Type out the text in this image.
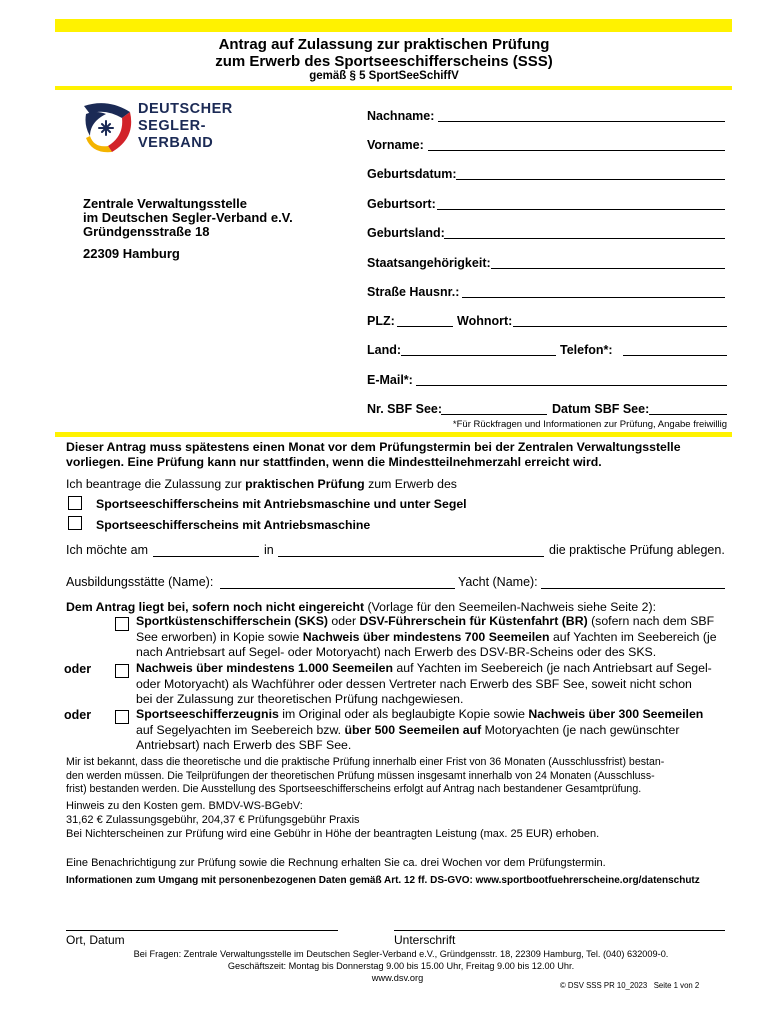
Antrag auf Zulassung zur praktischen Prüfung
zum Erwerb des Sportseeschifferscheins (SSS)
gemäß § 5 SportSeeSchiffV
DEUTSCHER
SEGLER-
VERBAND
Zentrale Verwaltungsstelle
im Deutschen Segler-Verband e.V.
Gründgensstraße 18
22309 Hamburg
Nachname:
Vorname:
Geburtsdatum:
Geburtsort:
Geburtsland:
Staatsangehörigkeit:
Straße Hausnr.:
PLZ:	Wohnort:
Land:	Telefon*:
E-Mail*:
Nr. SBF See:	Datum SBF See:
*Für Rückfragen und Informationen zur Prüfung, Angabe freiwillig
Dieser Antrag muss spätestens einen Monat vor dem Prüfungstermin bei der Zentralen Verwaltungsstelle
vorliegen. Eine Prüfung kann nur stattfinden, wenn die Mindestteilnehmerzahl erreicht wird.
Ich beantrage die Zulassung zur praktischen Prüfung zum Erwerb des
Sportseeschifferscheins mit Antriebsmaschine und unter Segel
Sportseeschifferscheins mit Antriebsmaschine
Ich möchte am	in	die praktische Prüfung ablegen.
Ausbildungsstätte (Name):	Yacht (Name):
Dem Antrag liegt bei, sofern noch nicht eingereicht (Vorlage für den Seemeilen-Nachweis siehe Seite 2):
Sportküstenschifferschein (SKS) oder DSV-Führerschein für Küstenfahrt (BR) (sofern nach dem SBF
See erworben) in Kopie sowie Nachweis über mindestens 700 Seemeilen auf Yachten im Seebereich (je
nach Antriebsart auf Segel- oder Motoryacht) nach Erwerb des DSV-BR-Scheins oder des SKS.
oder	Nachweis über mindestens 1.000 Seemeilen auf Yachten im Seebereich (je nach Antriebsart auf Segel-
oder Motoryacht) als Wachführer oder dessen Vertreter nach Erwerb des SBF See, soweit nicht schon
bei der Zulassung zur theoretischen Prüfung nachgewiesen.
oder	Sportseeschifferzeugnis im Original oder als beglaubigte Kopie sowie Nachweis über 300 Seemeilen
auf Segelyachten im Seebereich bzw. über 500 Seemeilen auf Motoryachten (je nach gewünschter
Antriebsart) nach Erwerb des SBF See.
Mir ist bekannt, dass die theoretische und die praktische Prüfung innerhalb einer Frist von 36 Monaten (Ausschlussfrist) bestan-
den werden müssen. Die Teilprüfungen der theoretischen Prüfung müssen insgesamt innerhalb von 24 Monaten (Ausschluss-
frist) bestanden werden. Die Ausstellung des Sportseeschifferscheins erfolgt auf Antrag nach bestandener Gesamtprüfung.
Hinweis zu den Kosten gem. BMDV-WS-BGebV:
31,62 € Zulassungsgebühr, 204,37 € Prüfungsgebühr Praxis
Bei Nichterscheinen zur Prüfung wird eine Gebühr in Höhe der beantragten Leistung (max. 25 EUR) erhoben.
Eine Benachrichtigung zur Prüfung sowie die Rechnung erhalten Sie ca. drei Wochen vor dem Prüfungstermin.
Informationen zum Umgang mit personenbezogenen Daten gemäß Art. 12 ff. DS-GVO: www.sportbootfuehrerscheine.org/datenschutz
Ort, Datum	Unterschrift
Bei Fragen: Zentrale Verwaltungsstelle im Deutschen Segler-Verband e.V., Gründgensstr. 18, 22309 Hamburg, Tel. (040) 632009-0.
Geschäftszeit: Montag bis Donnerstag 9.00 bis 15.00 Uhr, Freitag 9.00 bis 12.00 Uhr.
www.dsv.org
© DSV SSS PR 10_2023 Seite 1 von 2
